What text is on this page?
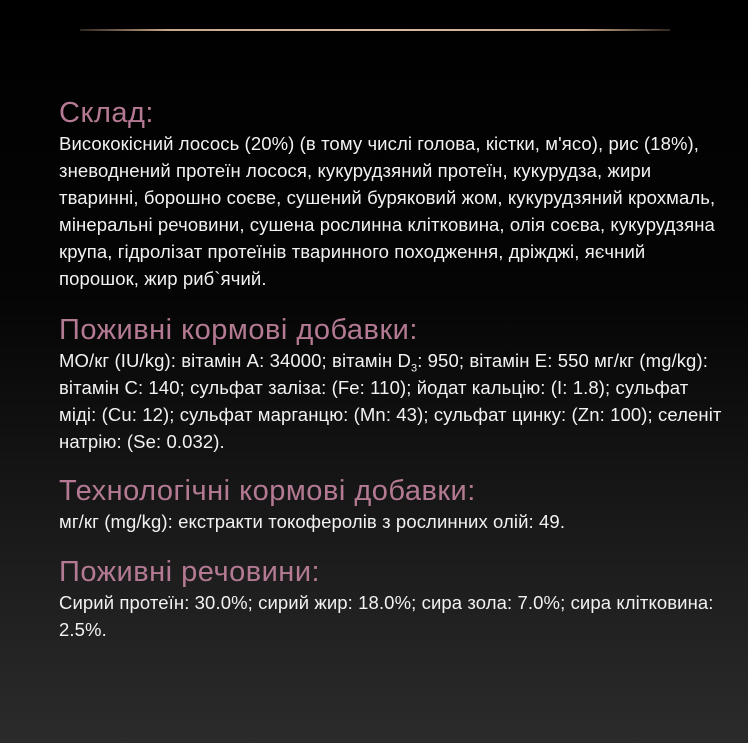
Склад:

Висококісний лосось (20%) (в тому числі голова, кістки, м'ясо), рис (18%), зневоднений протеїн лосося, кукурудзяний протеїн, кукурудза, жири тваринні, борошно соєве, сушений буряковий жом, кукурудзяний крохмаль, мінеральні речовини, сушена рослинна клітковина, олія соєва, кукурудзяна крупа, гідролізат протеїнів тваринного походження, дріжджі, яєчний порошок, жир риб`ячий.

Поживні кормові добавки:

МО/кг (IU/kg): вітамін А: 34000; вітамін $D_3$: 950; вітамін Е: 550 мг/кг (mg/kg): вітамін С: 140; сульфат заліза: (Fe: 110); йодат кальцію: (I: 1.8); сульфат міді: (Cu: 12); сульфат марганцю: (Mn: 43); сульфат цинку: (Zn: 100); селеніт натрію: (Se: 0.032).

Технологічні кормові добавки:

мг/кг (mg/kg): екстракти токоферолів з рослинних олій: 49.

Поживні речовини:

Сирий протеїн: 30.0%; сирий жир: 18.0%; сира зола: 7.0%; сира клітковина: 2.5%.
